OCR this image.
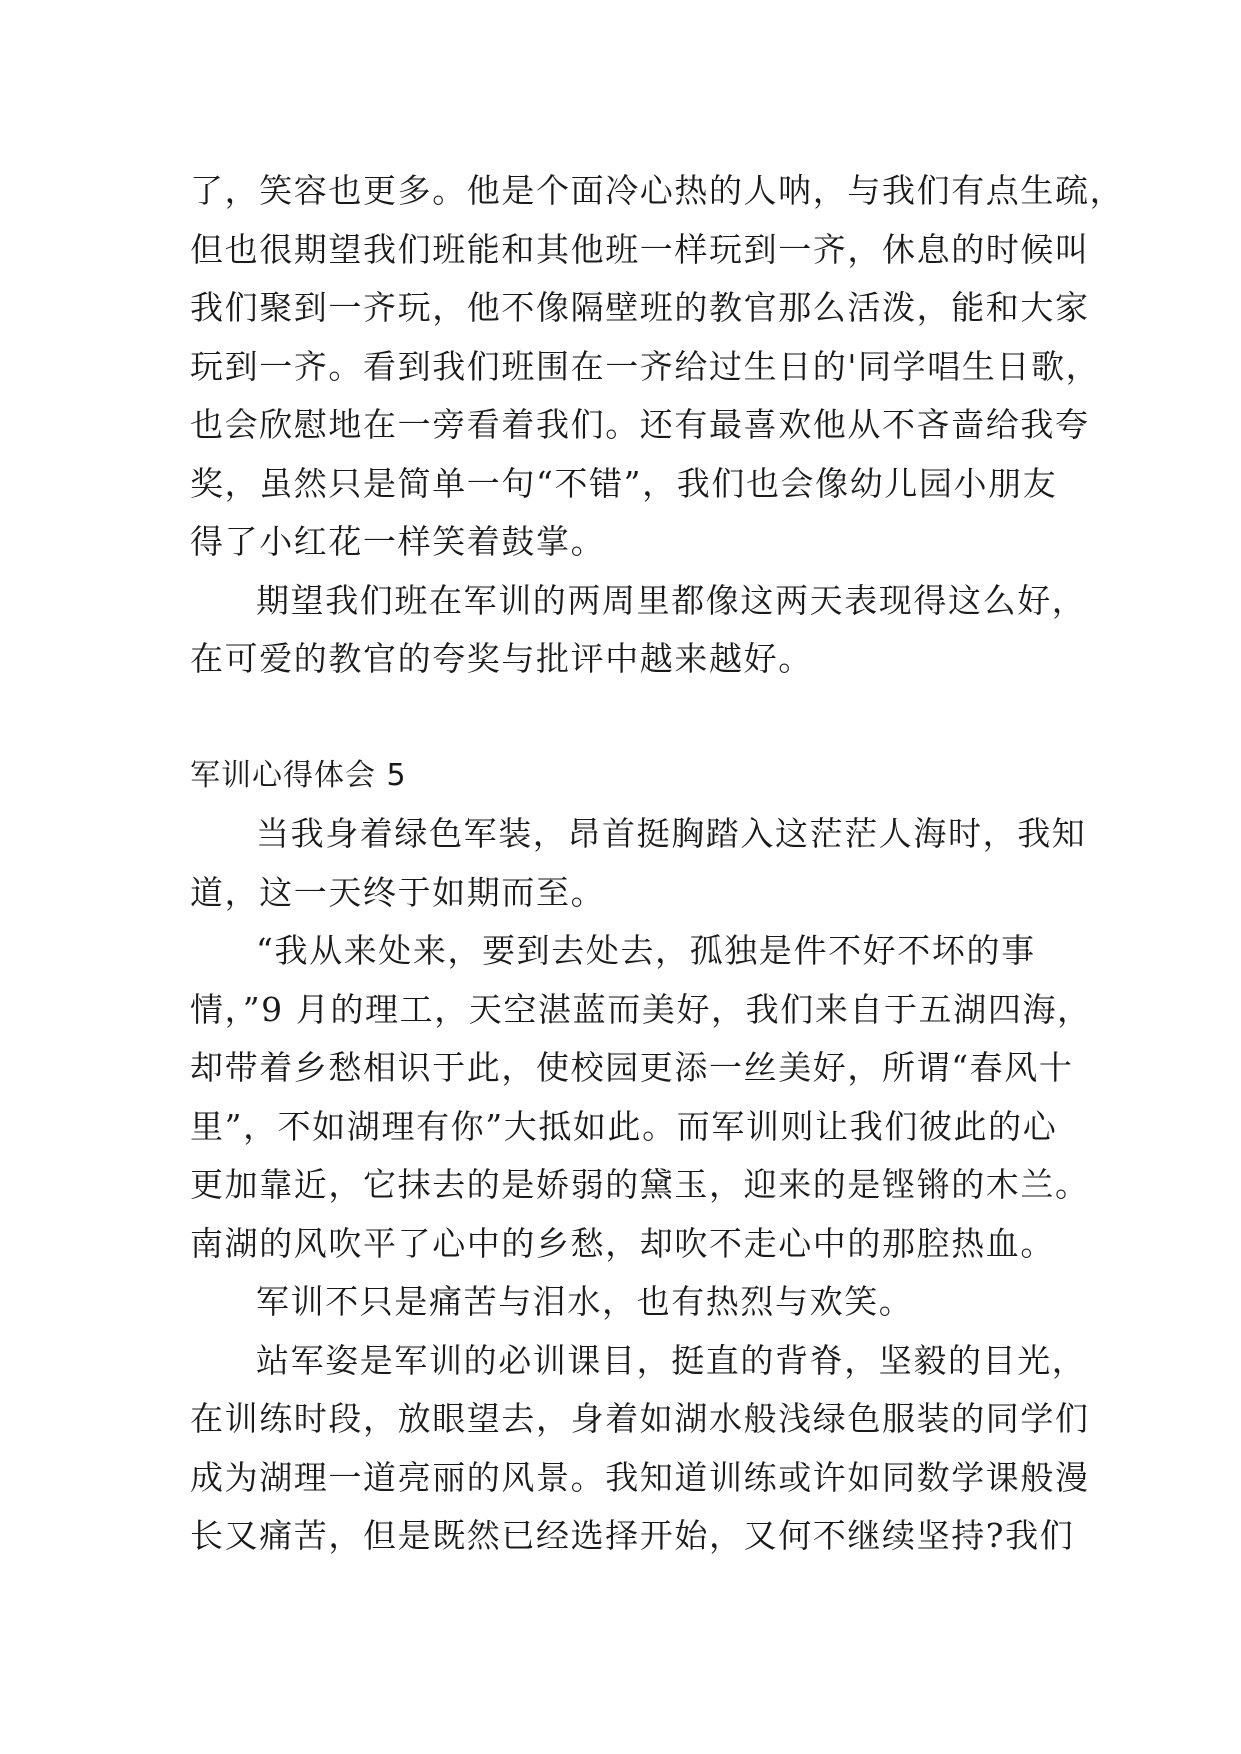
了，笑容也更多。他是个面冷心热的人呐，与我们有点生疏，
但也很期望我们班能和其他班一样玩到一齐，休息的时候叫
我们聚到一齐玩，他不像隔壁班的教官那么活泼，能和大家
玩到一齐。看到我们班围在一齐给过生日的'同学唱生日歌，
也会欣慰地在一旁看着我们。还有最喜欢他从不吝啬给我夸
奖，虽然只是简单一句“不错”，我们也会像幼儿园小朋友
得了小红花一样笑着鼓掌。
期望我们班在军训的两周里都像这两天表现得这么好，
在可爱的教官的夸奖与批评中越来越好。
军训心得体会 5
当我身着绿色军装，昂首挺胸踏入这茫茫人海时，我知
道，这一天终于如期而至。
“我从来处来，要到去处去，孤独是件不好不坏的事
情，”9 月的理工，天空湛蓝而美好，我们来自于五湖四海，
却带着乡愁相识于此，使校园更添一丝美好，所谓“春风十
里”，不如湖理有你”大抵如此。而军训则让我们彼此的心
更加靠近，它抹去的是娇弱的黛玉，迎来的是铿锵的木兰。
南湖的风吹平了心中的乡愁，却吹不走心中的那腔热血。
军训不只是痛苦与泪水，也有热烈与欢笑。
站军姿是军训的必训课目，挺直的背脊，坚毅的目光，
在训练时段，放眼望去，身着如湖水般浅绿色服装的同学们
成为湖理一道亮丽的风景。我知道训练或许如同数学课般漫
长又痛苦，但是既然已经选择开始，又何不继续坚持?我们
